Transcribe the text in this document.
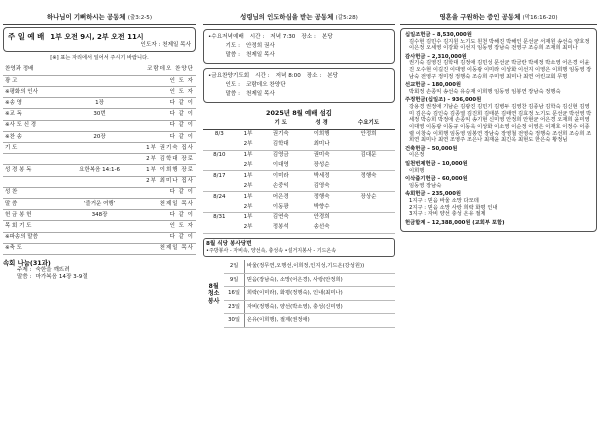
하나님이 기뻐하시는 공동체 (출3:2-5)
주 일 예 배 1부 오전 9시, 2부 오전 11시
인도자 : 천제일 목사
[※] 표는 자리에서 일어서 주시기 바랍니다.
찬영과 정배		코람데오 찬양단
광 고		인 도 자
※평화의 인사		인 도 자
※송 영	1장	다 같 이
※교 독	30번	다 같 이
※사 도 신 경		다 같 이
※찬 송	20장	다 같 이
기 도		1부 권기숙 집사
		2부 김학대 장로
성 경 봉 독	요한복음 14:1-6	1부 이희행 장로
		2부 최미나 집사
성 찬		다 같 이
말 씀	‘즐거운 여행’	천제일 목사
헌 금 봉 헌	348장	다 같 이
목 회 기 도		인 도 자
※파송의 말씀		다 같 이
※축 도		천제일 목사
속회 나눔(31과)
주제 : 숙한을 깨뜨려
말씀 : 마가복음 14장 3-9절
성령님의 인도하심을 받는 공동체 (갈5:28)
•수요저녁예배 시간 : 저녁 7:30 장소 : 본당
기도 : 안정희 권사
말씀 : 천제일 목사
•금요찬양기도회 시간 : 저녁 8:00 장소 : 본당
인도 : 코람데오 찬양단
말씀 : 천제일 목사
2025년 8월 예배 섬김
		기 도	성 경	수요기도
8/3	1부	권기숙	이희행	안정희
	2부	김학대	최미나	
8/10	1부	김영금	권미숙	김대문
	2부	이대영	장성순	
8/17	1부	이미라	박세정	정행숙
	2부	손중익	김영숙	
8/24	1부	어은경	정행숙	장상순
	2부	이동광	박향수	
8/31	1부	김연숙	안경희	
	2부	정봉석	송선숙	
8월 식당 봉사당번
•주방봉사 - 자비속, 양선속, 충성속 •설거지봉사 - 기드온속
8월
청소
봉사
2일	바울(정무연,오행선,이희정,인지성,기드온(강성원))
9일	믿음(장남숙), 소망(어은경), 사랑(안정희)
16일	희락(이미라), 화평(정행숙), 인내(최미나)
23일	자비(정행숙), 양선(박소영), 충성(신미영)
30일	온유(이희행), 절제(권정애)
영혼을 구원하는 증인 공동체 (막16:16-20)
십일조헌금 – 8,530,000원
김수현 김민수 김지원 노기도 원천 박해진 박해인 문선균 서재원 송선숙 양호정 이은정 오세영 이강화 이선지 임동영 장남숙 전영구 조승희 조재희 최미나
감사헌금 – 2,310,000원
권기숙 김영진 김학대 김정애 김민성 문선균 박금란 박세정 박소영 어은경 이윤진 오수현 이길진 이대영 이동광 이미라 이상화 이선지 이영은 이희행 임동영 장남숙 전영구 정미정 정행숙 조승희 주미영 최미나 최연 어린교회 무명
선교헌금 – 180,000원
박회정 손종익 송선숙 유승재 이희행 임동영 임봉연 장남숙 정행숙
주정헌금(십일조) – 936,000원
강용경 권정애 기남순 김광진 김민기 김병두 김영찬 김종남 김학숙 김신현 김영미 김은숙 김인숙 김종열 김진희 김태분 김태연 김효정 노기도 문선균 박선영 박세정 박승희 박정애 손종익 송기현 신미영 안정희 안현균 어은경 오재희 윤미영 이대영 이동광 이동규 이동욱 이상화 이소영 이순정 이영은 이재호 이정수 이종렬 이창숙 이희행 임동영 임봉연 장남숙 장영철 전영숙 정행숙 조선희 조승희 조희연 최미나 최연 조영주 조은나 최재윤 최긴옥 최현도 한은숙 황정님
건축헌금 – 50,000원
이은정
일천번제헌금 – 10,000원
이희행
이삭줍기헌금 – 60,000원
임동영 장남숙
속회헌금 – 235,000원
1지구 : 믿음 바울 소망 다모데
2지구 : 믿음 소망 사랑 희락 화평 인내
3지구 : 자비 양선 충성 온유 절제
헌금합계 – 12,388,000원 (교회부 포함)
